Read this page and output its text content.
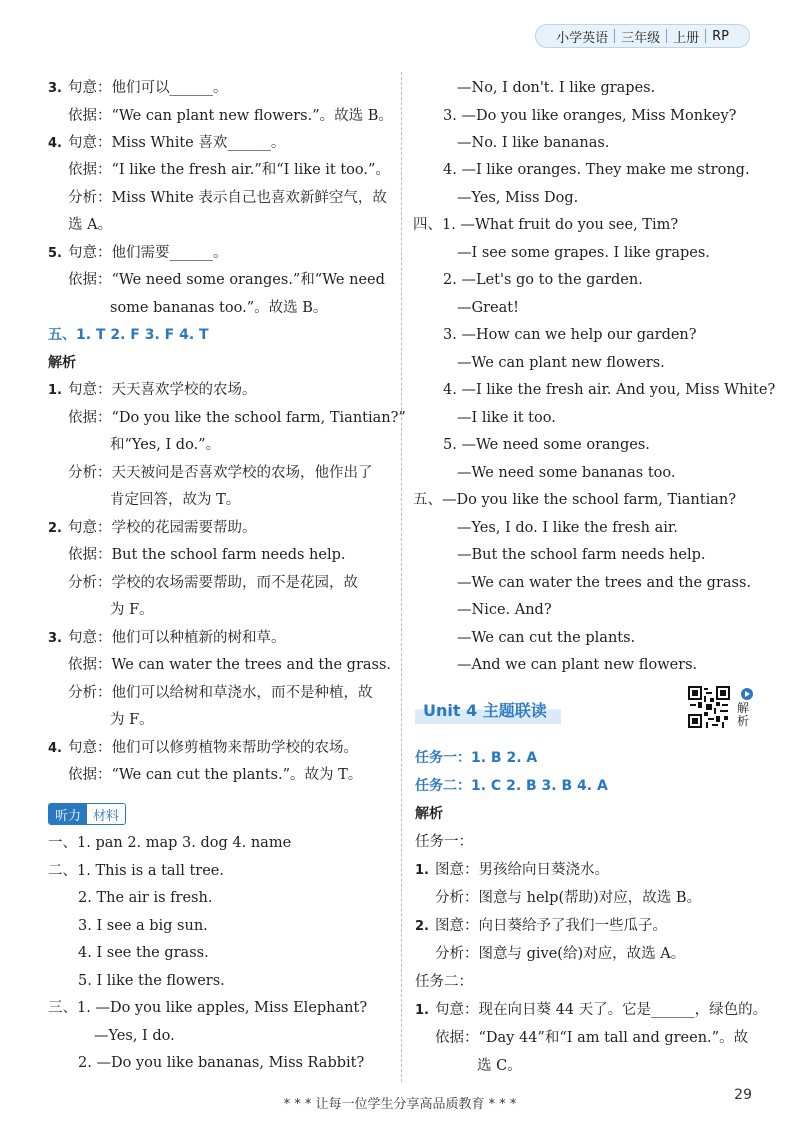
小学英语	三年级	上册	RP
3. 句意：他们可以______。
依据：“We can plant new flowers.”。故选 B。
4. 句意：Miss White 喜欢______。
依据：“I like the fresh air.”和“I like it too.”。
分析：Miss White 表示自己也喜欢新鲜空气，故
选 A。
5. 句意：他们需要______。
依据：“We need some oranges.”和“We need
some bananas too.”。故选 B。
五、1. T 2. F 3. F 4. T
解析
1. 句意：天天喜欢学校的农场。
依据：“Do you like the school farm, Tiantian?”
和“Yes, I do.”。
分析：天天被问是否喜欢学校的农场，他作出了
肯定回答，故为 T。
2. 句意：学校的花园需要帮助。
依据：But the school farm needs help.
分析：学校的农场需要帮助，而不是花园，故
为 F。
3. 句意：他们可以种植新的树和草。
依据：We can water the trees and the grass.
分析：他们可以给树和草浇水，而不是种植，故
为 F。
4. 句意：他们可以修剪植物来帮助学校的农场。
依据：“We can cut the plants.”。故为 T。
听力 材料
一、1. pan 2. map 3. dog 4. name
二、1. This is a tall tree.
2. The air is fresh.
3. I see a big sun.
4. I see the grass.
5. I like the flowers.
三、1. —Do you like apples, Miss Elephant?
—Yes, I do.
2. —Do you like bananas, Miss Rabbit?
—No, I don't. I like grapes.
3. —Do you like oranges, Miss Monkey?
—No. I like bananas.
4. —I like oranges. They make me strong.
—Yes, Miss Dog.
四、1. —What fruit do you see, Tim?
—I see some grapes. I like grapes.
2. —Let's go to the garden.
—Great!
3. —How can we help our garden?
—We can plant new flowers.
4. —I like the fresh air. And you, Miss White?
—I like it too.
5. —We need some oranges.
—We need some bananas too.
五、—Do you like the school farm, Tiantian?
—Yes, I do. I like the fresh air.
—But the school farm needs help.
—We can water the trees and the grass.
—Nice. And?
—We can cut the plants.
—And we can plant new flowers.
任务一：1. B 2. A
任务二：1. C 2. B 3. B 4. A
解析
任务一：
1. 图意：男孩给向日葵浇水。
分析：图意与 help(帮助)对应，故选 B。
2. 图意：向日葵给予了我们一些瓜子。
分析：图意与 give(给)对应，故选 A。
任务二：
1. 句意：现在向日葵 44 天了。它是______，绿色的。
依据：“Day 44”和“I am tall and green.”。故
选 C。
Unit 4 主题联读	解析
* * * 让每一位学生分享高品质教育 * * *
29
